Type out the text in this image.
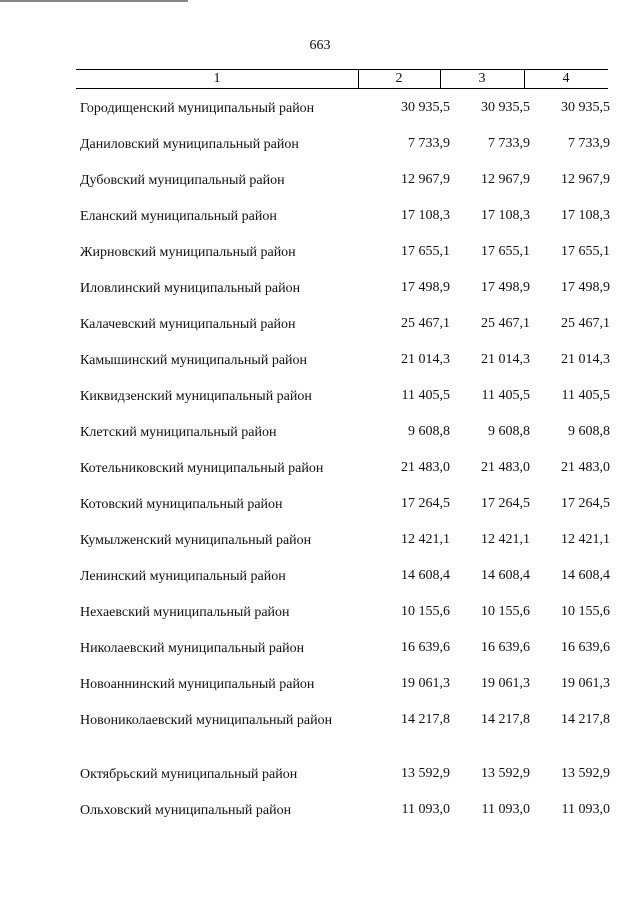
663
1	2	3	4
Городищенский муниципальный район	30 935,5	30 935,5	30 935,5
Даниловский муниципальный район	7 733,9	7 733,9	7 733,9
Дубовский муниципальный район	12 967,9	12 967,9	12 967,9
Еланский муниципальный район	17 108,3	17 108,3	17 108,3
Жирновский муниципальный район	17 655,1	17 655,1	17 655,1
Иловлинский муниципальный район	17 498,9	17 498,9	17 498,9
Калачевский муниципальный район	25 467,1	25 467,1	25 467,1
Камышинский муниципальный район	21 014,3	21 014,3	21 014,3
Киквидзенский муниципальный район	11 405,5	11 405,5	11 405,5
Клетский муниципальный район	9 608,8	9 608,8	9 608,8
Котельниковский муниципальный район	21 483,0	21 483,0	21 483,0
Котовский муниципальный район	17 264,5	17 264,5	17 264,5
Кумылженский муниципальный район	12 421,1	12 421,1	12 421,1
Ленинский муниципальный район	14 608,4	14 608,4	14 608,4
Нехаевский муниципальный район	10 155,6	10 155,6	10 155,6
Николаевский муниципальный район	16 639,6	16 639,6	16 639,6
Новоаннинский муниципальный район	19 061,3	19 061,3	19 061,3
Новониколаевский муниципальный район	14 217,8	14 217,8	14 217,8
Октябрьский муниципальный район	13 592,9	13 592,9	13 592,9
Ольховский муниципальный район	11 093,0	11 093,0	11 093,0
